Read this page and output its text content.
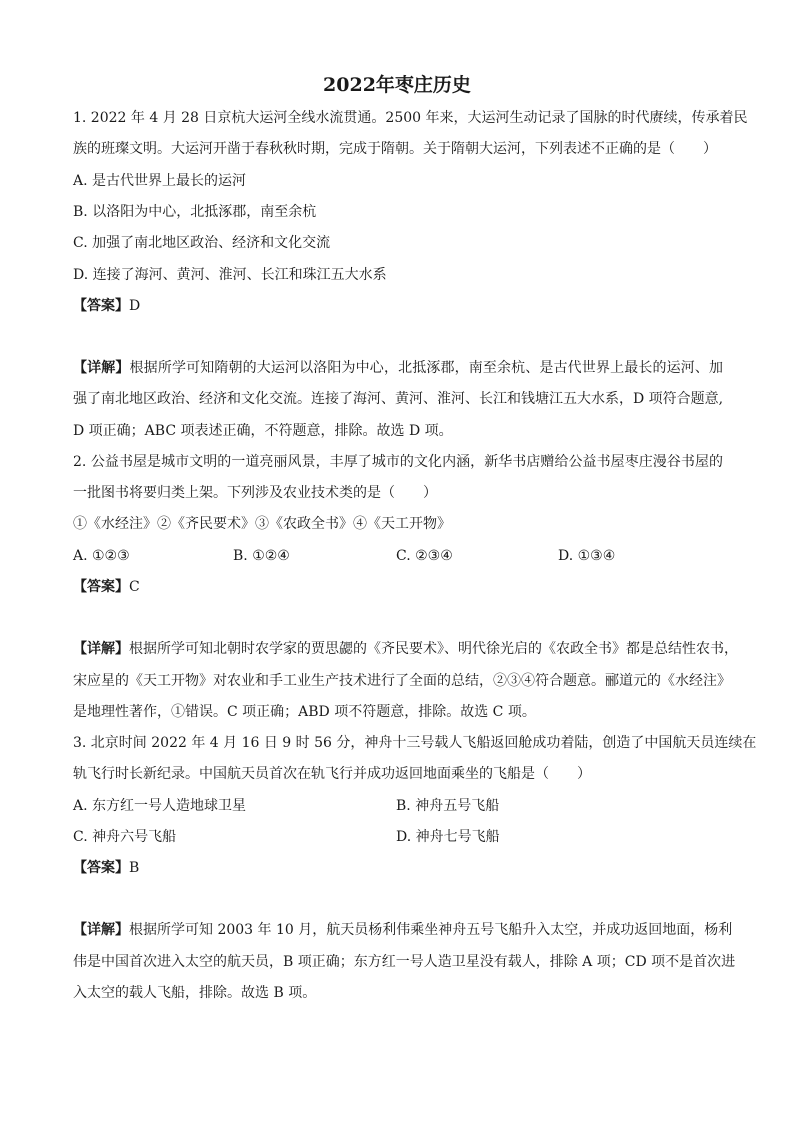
2022年枣庄历史
1. 2022 年 4 月 28 日京杭大运河全线水流贯通。2500 年来，大运河生动记录了国脉的时代赓续，传承着民
族的班璨文明。大运河开凿于春秋秋时期，完成于隋朝。关于隋朝大运河，下列表述不正确的是（　　）
A. 是古代世界上最长的运河
B. 以洛阳为中心，北抵涿郡，南至余杭
C. 加强了南北地区政治、经济和文化交流
D. 连接了海河、黄河、淮河、长江和珠江五大水系
【答案】D
【详解】根据所学可知隋朝的大运河以洛阳为中心，北抵涿郡，南至余杭、是古代世界上最长的运河、加
强了南北地区政治、经济和文化交流。连接了海河、黄河、淮河、长江和钱塘江五大水系，D 项符合题意,
D 项正确；ABC 项表述正确，不符题意，排除。故选 D 项。
2. 公益书屋是城市文明的一道亮丽风景，丰厚了城市的文化内涵，新华书店赠给公益书屋枣庄漫谷书屋的
一批图书将要归类上架。下列涉及农业技术类的是（　　）
①《水经注》②《齐民要术》③《农政全书》④《天工开物》
A. ①②③	B. ①②④	C. ②③④	D. ①③④
【答案】C
【详解】根据所学可知北朝时农学家的贾思勰的《齐民要术》、明代徐光启的《农政全书》都是总结性农书，
宋应星的《天工开物》对农业和手工业生产技术进行了全面的总结，②③④符合题意。郦道元的《水经注》
是地理性著作，①错误。C 项正确；ABD 项不符题意，排除。故选 C 项。
3. 北京时间 2022 年 4 月 16 日 9 时 56 分，神舟十三号载人飞船返回舱成功着陆，创造了中国航天员连续在
轨飞行时长新纪录。中国航天员首次在轨飞行并成功返回地面乘坐的飞船是（　　）
A. 东方红一号人造地球卫星	B. 神舟五号飞船
C. 神舟六号飞船	D. 神舟七号飞船
【答案】B
【详解】根据所学可知 2003 年 10 月，航天员杨利伟乘坐神舟五号飞船升入太空，并成功返回地面，杨利
伟是中国首次进入太空的航天员，B 项正确；东方红一号人造卫星没有载人，排除 A 项；CD 项不是首次进
入太空的载人飞船，排除。故选 B 项。
